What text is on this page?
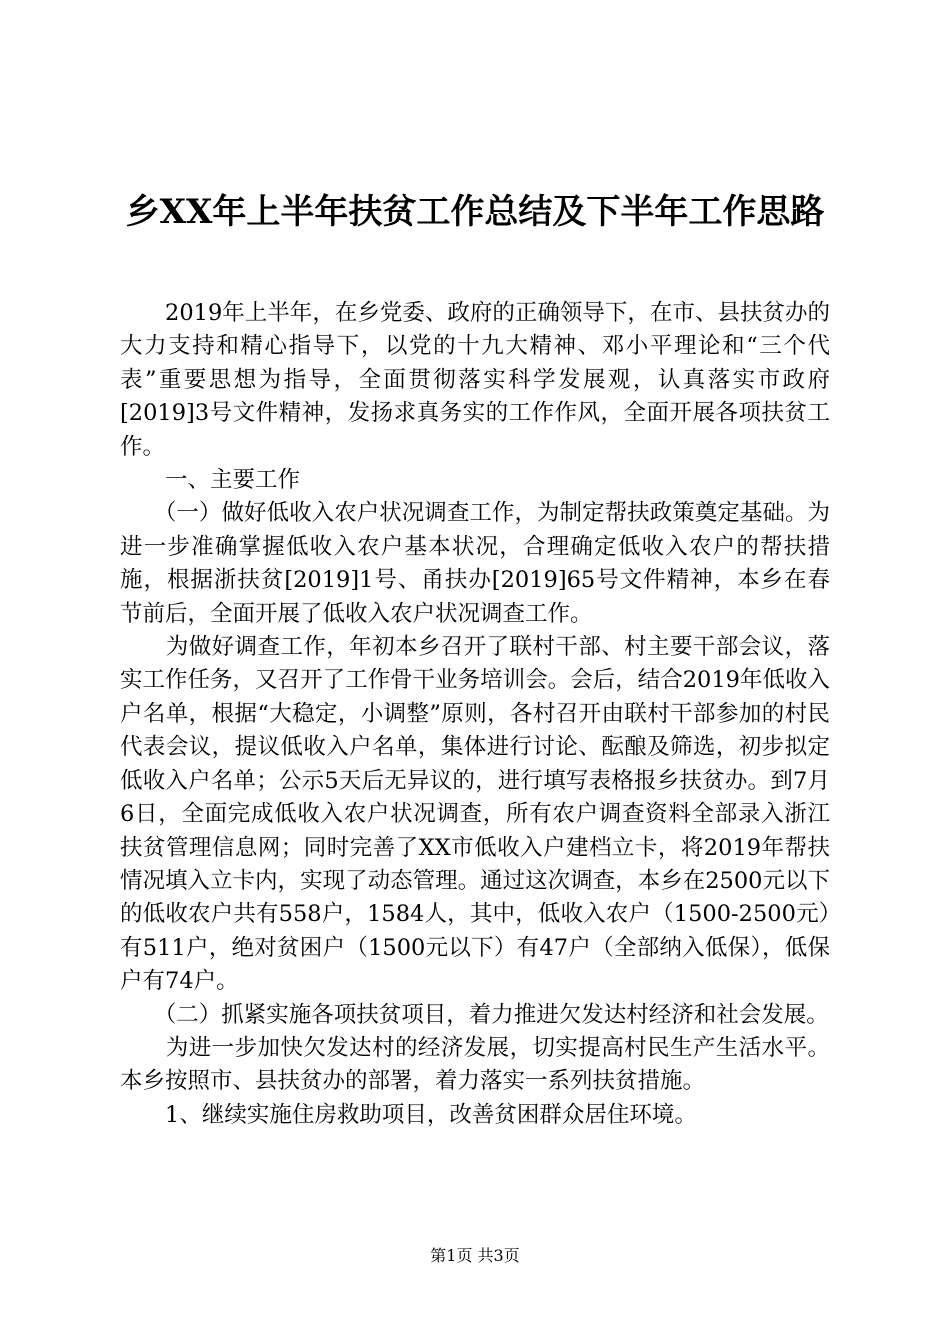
乡XX年上半年扶贫工作总结及下半年工作思路

　　2019年上半年，在乡党委、政府的正确领导下，在市、县扶贫办的大力支持和精心指导下，以党的十九大精神、邓小平理论和“三个代表”重要思想为指导，全面贯彻落实科学发展观，认真落实市政府[2019]3号文件精神，发扬求真务实的工作作风，全面开展各项扶贫工作。

　　一、主要工作

　　（一）做好低收入农户状况调查工作，为制定帮扶政策奠定基础。为进一步准确掌握低收入农户基本状况，合理确定低收入农户的帮扶措施，根据浙扶贫[2019]1号、甬扶办[2019]65号文件精神，本乡在春节前后，全面开展了低收入农户状况调查工作。

　　为做好调查工作，年初本乡召开了联村干部、村主要干部会议，落实工作任务，又召开了工作骨干业务培训会。会后，结合2019年低收入户名单，根据“大稳定，小调整”原则，各村召开由联村干部参加的村民代表会议，提议低收入户名单，集体进行讨论、酝酿及筛选，初步拟定低收入户名单；公示5天后无异议的，进行填写表格报乡扶贫办。到7月6日，全面完成低收入农户状况调查，所有农户调查资料全部录入浙江扶贫管理信息网；同时完善了XX市低收入户建档立卡，将2019年帮扶情况填入立卡内，实现了动态管理。通过这次调查，本乡在2500元以下的低收农户共有558户，1584人，其中，低收入农户（1500-2500元）有511户，绝对贫困户（1500元以下）有47户（全部纳入低保），低保户有74户。

　　（二）抓紧实施各项扶贫项目，着力推进欠发达村经济和社会发展。

　　为进一步加快欠发达村的经济发展，切实提高村民生产生活水平。本乡按照市、县扶贫办的部署，着力落实一系列扶贫措施。

　　1、继续实施住房救助项目，改善贫困群众居住环境。

第1页 共3页
